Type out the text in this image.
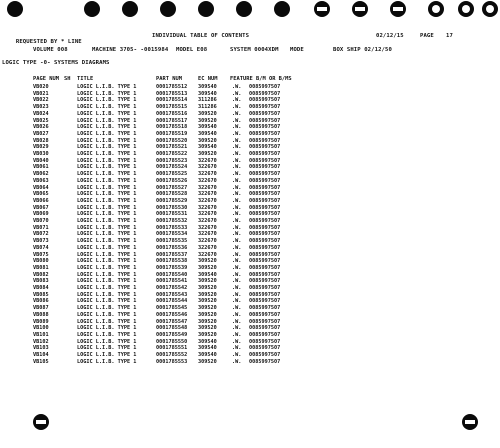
REQUESTED BY * LINE

INDIVIDUAL TABLE OF CONTENTS	02/12/15	PAGE 17
VOLUME 008	MACHINE 3705- -0015984 MODEL E08	SYSTEM 0004XDM MODE	BOX SHIP 02/12/50
LOGIC TYPE -0- SYSTEMS DIAGRAMS
PAGE NUM SH TITLE	PART NUM	EC NUM FEATURE B/M OR B/MS
VB020	LOGIC L.I.B. TYPE 1	0001785512 309540	.W. 0085997507
VB021	LOGIC L.I.B. TYPE 1	0001785513 309540	.W. 0085997507
VB022	LOGIC L.I.B. TYPE 1	0001785514 311286	.W. 0085997507
VB023	LOGIC L.I.B. TYPE 1	0001785515 311286	.W. 0085997507
VB024	LOGIC L.I.B. TYPE 1	0001785516 309520	.W. 0085997507
VB025	LOGIC L.I.B. TYPE 1	0001785517 309520	.W. 0085997507
VB026	LOGIC L.I.B. TYPE 1	0001785518 309540	.W. 0085997507
VB027	LOGIC L.I.B. TYPE 1	0001785519 309540	.W. 0085997507
VB028	LOGIC L.I.B. TYPE 1	0001785520 309520	.W. 0085997507
VB029	LOGIC L.I.B. TYPE 1	0001785521 309540	.W. 0085997507
VB030	LOGIC L.I.B. TYPE 1	0001785522 309520	.W. 0085997507
VB040	LOGIC L.I.B. TYPE 1	0001785523 322670	.W. 0085997507
VB061	LOGIC L.I.B. TYPE 1	0001785524 322670	.W. 0085997507
VB062	LOGIC L.I.B. TYPE 1	0001785525 322670	.W. 0085997507
VB063	LOGIC L.I.B. TYPE 1	0001785526 322670	.W. 0085997507
VB064	LOGIC L.I.B. TYPE 1	0001785527 322670	.W. 0085997507
VB065	LOGIC L.I.B. TYPE 1	0001785528 322670	.W. 0085997507
VB066	LOGIC L.I.B. TYPE 1	0001785529 322670	.W. 0085997507
VB067	LOGIC L.I.B. TYPE 1	0001785530 322670	.W. 0085997507
VB069	LOGIC L.I.B. TYPE 1	0001785531 322670	.W. 0085997507
VB070	LOGIC L.I.B. TYPE 1	0001785532 322670	.W. 0085997507
VB071	LOGIC L.I.B. TYPE 1	0001785533 322670	.W. 0085997507
VB072	LOGIC L.I.B. TYPE 1	0001785534 322670	.W. 0085997507
VB073	LOGIC L.I.B. TYPE 1	0001785535 322670	.W. 0085997507
VB074	LOGIC L.I.B. TYPE 1	0001785536 322670	.W. 0085997507
VB075	LOGIC L.I.B. TYPE 1	0001785537 322670	.W. 0085997507
VB080	LOGIC L.I.B. TYPE 1	0001785538 309520	.W. 0085997507
VB081	LOGIC L.I.B. TYPE 1	0001785539 309520	.W. 0085997507
VB082	LOGIC L.I.B. TYPE 1	0001785540 309540	.W. 0085997507
VB083	LOGIC L.I.B. TYPE 1	0001785541 309520	.W. 0085997507
VB084	LOGIC L.I.B. TYPE 1	0001785542 309520	.W. 0085997507
VB085	LOGIC L.I.B. TYPE 1	0001785543 309520	.W. 0085997507
VB086	LOGIC L.I.B. TYPE 1	0001785544 309520	.W. 0085997507
VB087	LOGIC L.I.B. TYPE 1	0001785545 309520	.W. 0085997507
VB088	LOGIC L.I.B. TYPE 1	0001785546 309520	.W. 0085997507
VB089	LOGIC L.I.B. TYPE 1	0001785547 309520	.W. 0085997507
VB100	LOGIC L.I.B. TYPE 1	0001785548 309520	.W. 0085997507
VB101	LOGIC L.I.B. TYPE 1	0001785549 309520	.W. 0085997507
VB102	LOGIC L.I.B. TYPE 1	0001785550 309540	.W. 0085997507
VB103	LOGIC L.I.B. TYPE 1	0001785551 309540	.W. 0085997507
VB104	LOGIC L.I.B. TYPE 1	0001785552 309540	.W. 0085997507
VB105	LOGIC L.I.B. TYPE 1	0001785553 309520	.W. 0085997507
